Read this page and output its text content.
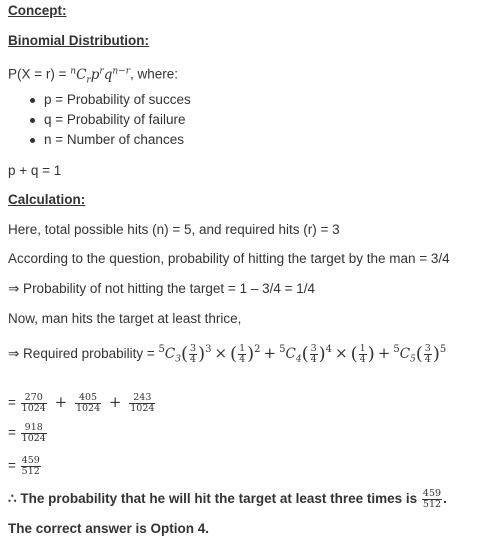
Concept:
Binomial Distribution:
$P(X = r) = ^nC_rp^rq^{n-r}$, where:
p = Probability of succes
q = Probability of failure
n = Number of chances
p + q = 1
Calculation:
Here, total possible hits (n) = 5, and required hits (r) = 3
According to the question, probability of hitting the target by the man = 3/4
⇒ Probability of not hitting the target = 1 – 3/4 = 1/4
Now, man hits the target at least thrice,
⇒ Required probability = $^5C_3( \frac{3}{4} )^3$ × ( $\frac{1}{4} )^2 + ^5C_4( \frac{3}{4} )^4$ × ( $\frac{1}{4}$ ) + $^5C_5( \frac{3}{4} )^5$
= $\frac{270}{1024} + \frac{405}{1024} + \frac{243}{1024}$
= $\frac{918}{1024}$
= $\frac{459}{512}$
∴ The probability that he will hit the target at least three times is $\frac{459}{512}$ .
The correct answer is Option 4.
